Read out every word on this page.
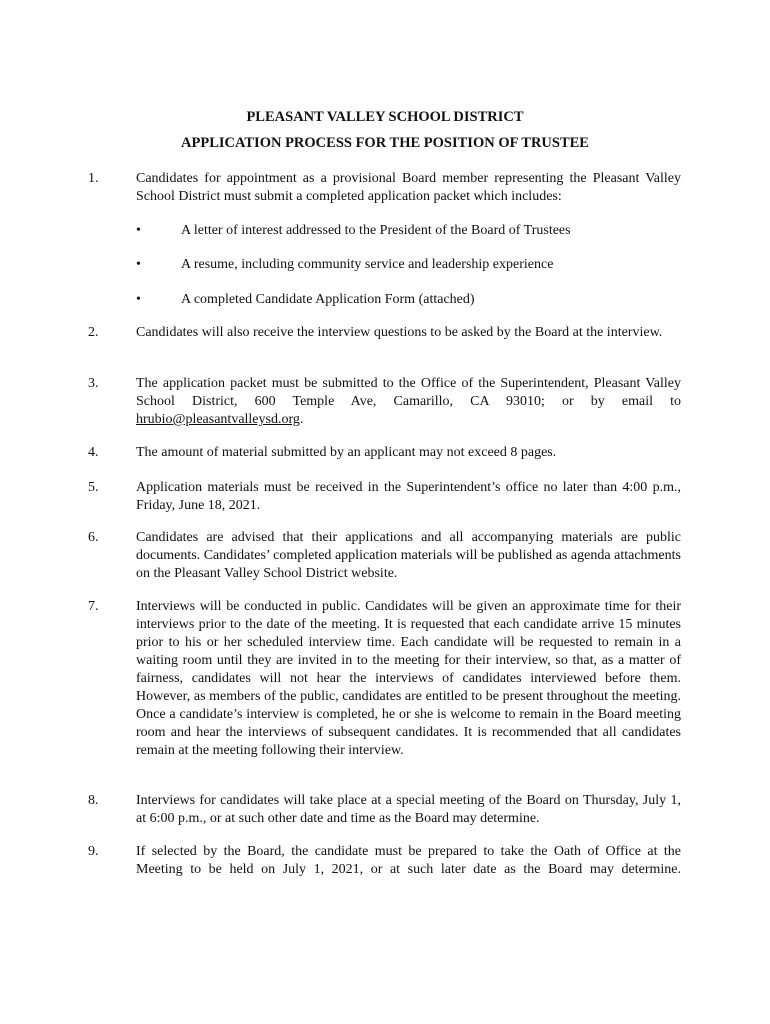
PLEASANT VALLEY SCHOOL DISTRICT
APPLICATION PROCESS FOR THE POSITION OF TRUSTEE
1.	Candidates for appointment as a provisional Board member representing the Pleasant Valley School District must submit a completed application packet which includes:
•	A letter of interest addressed to the President of the Board of Trustees
•	A resume, including community service and leadership experience
•	A completed Candidate Application Form (attached)
2.	Candidates will also receive the interview questions to be asked by the Board at the interview.
3.	The application packet must be submitted to the Office of the Superintendent, Pleasant Valley School District, 600 Temple Ave, Camarillo, CA 93010; or by email to hrubio@pleasantvalleysd.org.
4.	The amount of material submitted by an applicant may not exceed 8 pages.
5.	Application materials must be received in the Superintendent’s office no later than 4:00 p.m., Friday, June 18, 2021.
6.	Candidates are advised that their applications and all accompanying materials are public documents. Candidates’ completed application materials will be published as agenda attachments on the Pleasant Valley School District website.
7.	Interviews will be conducted in public. Candidates will be given an approximate time for their interviews prior to the date of the meeting. It is requested that each candidate arrive 15 minutes prior to his or her scheduled interview time. Each candidate will be requested to remain in a waiting room until they are invited in to the meeting for their interview, so that, as a matter of fairness, candidates will not hear the interviews of candidates interviewed before them. However, as members of the public, candidates are entitled to be present throughout the meeting. Once a candidate’s interview is completed, he or she is welcome to remain in the Board meeting room and hear the interviews of subsequent candidates. It is recommended that all candidates remain at the meeting following their interview.
8.	Interviews for candidates will take place at a special meeting of the Board on Thursday, July 1, at 6:00 p.m., or at such other date and time as the Board may determine.
9.	If selected by the Board, the candidate must be prepared to take the Oath of Office at the Meeting to be held on July 1, 2021, or at such later date as the Board may determine.
